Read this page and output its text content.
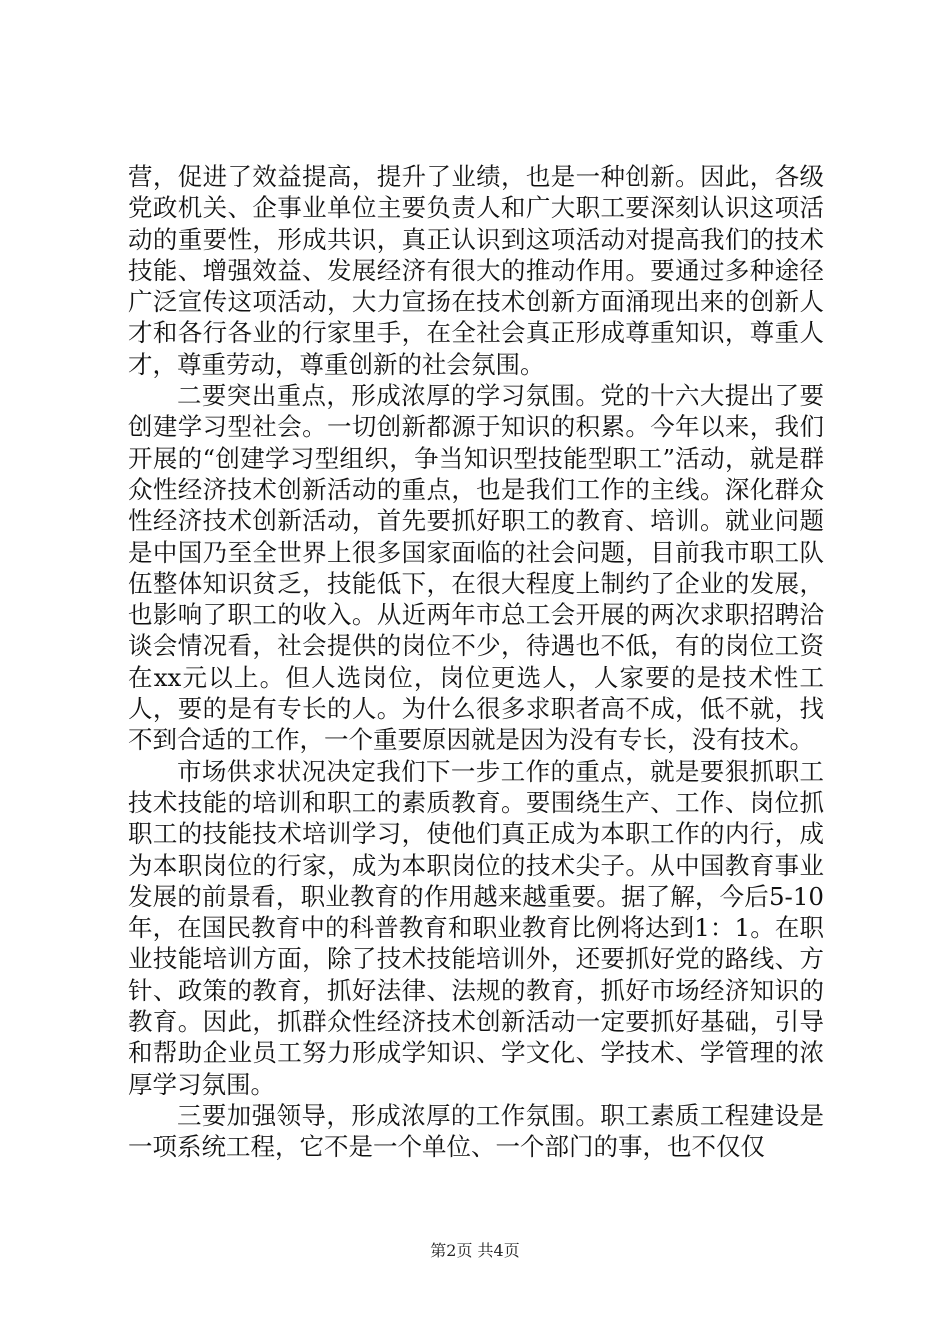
营，促进了效益提高，提升了业绩，也是一种创新。因此，各级党政机关、企事业单位主要负责人和广大职工要深刻认识这项活动的重要性，形成共识，真正认识到这项活动对提高我们的技术技能、增强效益、发展经济有很大的推动作用。要通过多种途径广泛宣传这项活动，大力宣扬在技术创新方面涌现出来的创新人才和各行各业的行家里手，在全社会真正形成尊重知识，尊重人才，尊重劳动，尊重创新的社会氛围。

二要突出重点，形成浓厚的学习氛围。党的十六大提出了要创建学习型社会。一切创新都源于知识的积累。今年以来，我们开展的“创建学习型组织，争当知识型技能型职工”活动，就是群众性经济技术创新活动的重点，也是我们工作的主线。深化群众性经济技术创新活动，首先要抓好职工的教育、培训。就业问题是中国乃至全世界上很多国家面临的社会问题，目前我市职工队伍整体知识贫乏，技能低下，在很大程度上制约了企业的发展，也影响了职工的收入。从近两年市总工会开展的两次求职招聘洽谈会情况看，社会提供的岗位不少，待遇也不低，有的岗位工资在xx元以上。但人选岗位，岗位更选人，人家要的是技术性工人，要的是有专长的人。为什么很多求职者高不成，低不就，找不到合适的工作，一个重要原因就是因为没有专长，没有技术。

市场供求状况决定我们下一步工作的重点，就是要狠抓职工技术技能的培训和职工的素质教育。要围绕生产、工作、岗位抓职工的技能技术培训学习，使他们真正成为本职工作的内行，成为本职岗位的行家，成为本职岗位的技术尖子。从中国教育事业发展的前景看，职业教育的作用越来越重要。据了解，今后5-10年，在国民教育中的科普教育和职业教育比例将达到1：1。在职业技能培训方面，除了技术技能培训外，还要抓好党的路线、方针、政策的教育，抓好法律、法规的教育，抓好市场经济知识的教育。因此，抓群众性经济技术创新活动一定要抓好基础，引导和帮助企业员工努力形成学知识、学文化、学技术、学管理的浓厚学习氛围。

三要加强领导，形成浓厚的工作氛围。职工素质工程建设是一项系统工程，它不是一个单位、一个部门的事，也不仅仅

第2页 共4页
